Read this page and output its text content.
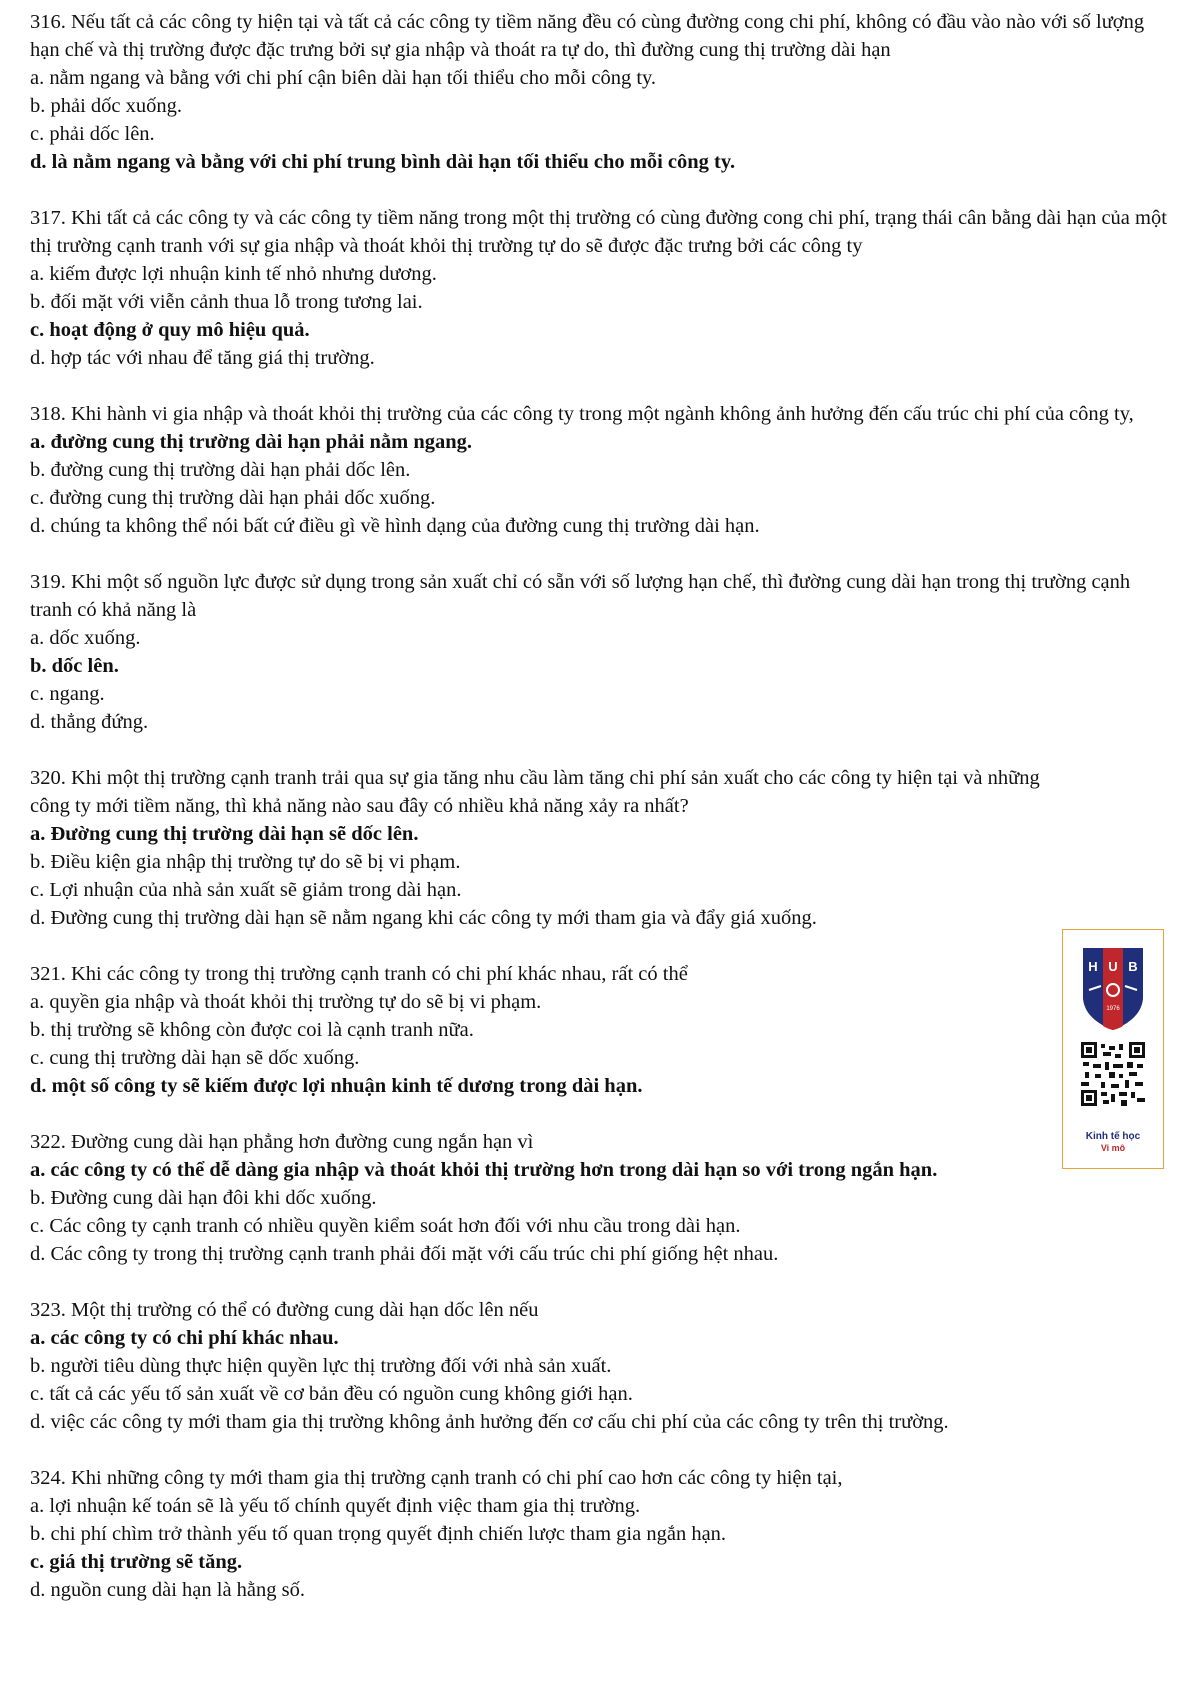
316. Nếu tất cả các công ty hiện tại và tất cả các công ty tiềm năng đều có cùng đường cong chi phí, không có đầu vào nào với số lượng hạn chế và thị trường được đặc trưng bởi sự gia nhập và thoát ra tự do, thì đường cung thị trường dài hạn

a. nằm ngang và bằng với chi phí cận biên dài hạn tối thiểu cho mỗi công ty.

b. phải dốc xuống.

c. phải dốc lên.

d. là nằm ngang và bằng với chi phí trung bình dài hạn tối thiểu cho mỗi công ty.

317. Khi tất cả các công ty và các công ty tiềm năng trong một thị trường có cùng đường cong chi phí, trạng thái cân bằng dài hạn của một thị trường cạnh tranh với sự gia nhập và thoát khỏi thị trường tự do sẽ được đặc trưng bởi các công ty

a. kiếm được lợi nhuận kinh tế nhỏ nhưng dương.

b. đối mặt với viễn cảnh thua lỗ trong tương lai.

c. hoạt động ở quy mô hiệu quả.

d. hợp tác với nhau để tăng giá thị trường.

318. Khi hành vi gia nhập và thoát khỏi thị trường của các công ty trong một ngành không ảnh hưởng đến cấu trúc chi phí của công ty,

a. đường cung thị trường dài hạn phải nằm ngang.

b. đường cung thị trường dài hạn phải dốc lên.

c. đường cung thị trường dài hạn phải dốc xuống.

d. chúng ta không thể nói bất cứ điều gì về hình dạng của đường cung thị trường dài hạn.

319. Khi một số nguồn lực được sử dụng trong sản xuất chỉ có sẵn với số lượng hạn chế, thì đường cung dài hạn trong thị trường cạnh tranh có khả năng là

a. dốc xuống.

b. dốc lên.

c. ngang.

d. thẳng đứng.

320. Khi một thị trường cạnh tranh trải qua sự gia tăng nhu cầu làm tăng chi phí sản xuất cho các công ty hiện tại và những công ty mới tiềm năng, thì khả năng nào sau đây có nhiều khả năng xảy ra nhất?

a. Đường cung thị trường dài hạn sẽ dốc lên.

b. Điều kiện gia nhập thị trường tự do sẽ bị vi phạm.

c. Lợi nhuận của nhà sản xuất sẽ giảm trong dài hạn.

d. Đường cung thị trường dài hạn sẽ nằm ngang khi các công ty mới tham gia và đẩy giá xuống.

321. Khi các công ty trong thị trường cạnh tranh có chi phí khác nhau, rất có thể

a. quyền gia nhập và thoát khỏi thị trường tự do sẽ bị vi phạm.

b. thị trường sẽ không còn được coi là cạnh tranh nữa.

c. cung thị trường dài hạn sẽ dốc xuống.

d. một số công ty sẽ kiếm được lợi nhuận kinh tế dương trong dài hạn.

322. Đường cung dài hạn phẳng hơn đường cung ngắn hạn vì

a. các công ty có thể dễ dàng gia nhập và thoát khỏi thị trường hơn trong dài hạn so với trong ngắn hạn.

b. Đường cung dài hạn đôi khi dốc xuống.

c. Các công ty cạnh tranh có nhiều quyền kiểm soát hơn đối với nhu cầu trong dài hạn.

d. Các công ty trong thị trường cạnh tranh phải đối mặt với cấu trúc chi phí giống hệt nhau.

323. Một thị trường có thể có đường cung dài hạn dốc lên nếu

a. các công ty có chi phí khác nhau.

b. người tiêu dùng thực hiện quyền lực thị trường đối với nhà sản xuất.

c. tất cả các yếu tố sản xuất về cơ bản đều có nguồn cung không giới hạn.

d. việc các công ty mới tham gia thị trường không ảnh hưởng đến cơ cấu chi phí của các công ty trên thị trường.

324. Khi những công ty mới tham gia thị trường cạnh tranh có chi phí cao hơn các công ty hiện tại,

a. lợi nhuận kế toán sẽ là yếu tố chính quyết định việc tham gia thị trường.

b. chi phí chìm trở thành yếu tố quan trọng quyết định chiến lược tham gia ngắn hạn.

c. giá thị trường sẽ tăng.

d. nguồn cung dài hạn là hằng số.

H U B
1976
Kinh tế học
Vi mô
